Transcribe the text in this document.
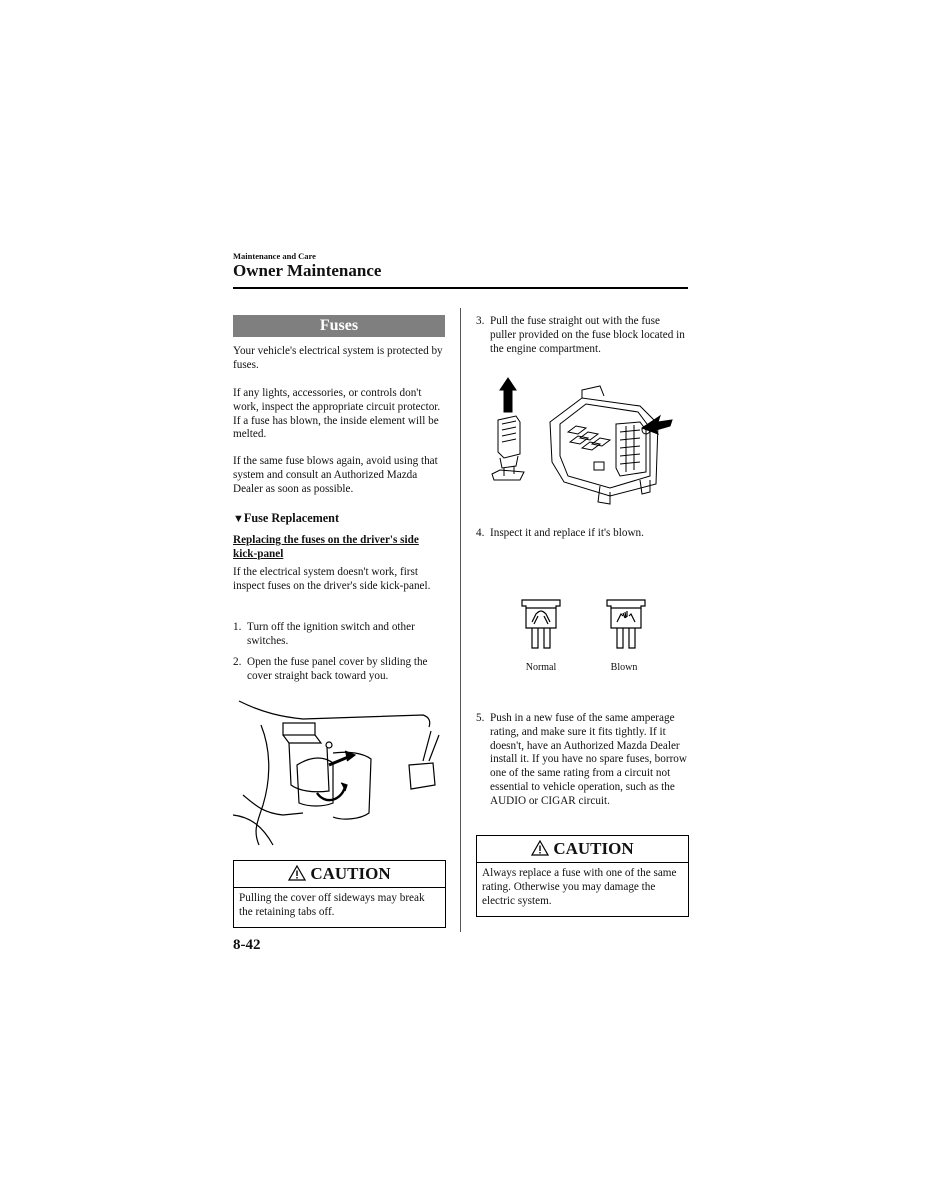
Maintenance and Care
Owner Maintenance
Fuses
Your vehicle's electrical system is protected by fuses.
If any lights, accessories, or controls don't work, inspect the appropriate circuit protector. If a fuse has blown, the inside element will be melted.
If the same fuse blows again, avoid using that system and consult an Authorized Mazda Dealer as soon as possible.
▼Fuse Replacement
Replacing the fuses on the driver's side kick-panel
If the electrical system doesn't work, first inspect fuses on the driver's side kick-panel.
1. Turn off the ignition switch and other switches.
2. Open the fuse panel cover by sliding the cover straight back toward you.
CAUTION
Pulling the cover off sideways may break the retaining tabs off.
3. Pull the fuse straight out with the fuse puller provided on the fuse block located in the engine compartment.
4. Inspect it and replace if it's blown.
Normal	Blown
5. Push in a new fuse of the same amperage rating, and make sure it fits tightly. If it doesn't, have an Authorized Mazda Dealer install it. If you have no spare fuses, borrow one of the same rating from a circuit not essential to vehicle operation, such as the AUDIO or CIGAR circuit.
CAUTION
Always replace a fuse with one of the same rating. Otherwise you may damage the electric system.
8-42
